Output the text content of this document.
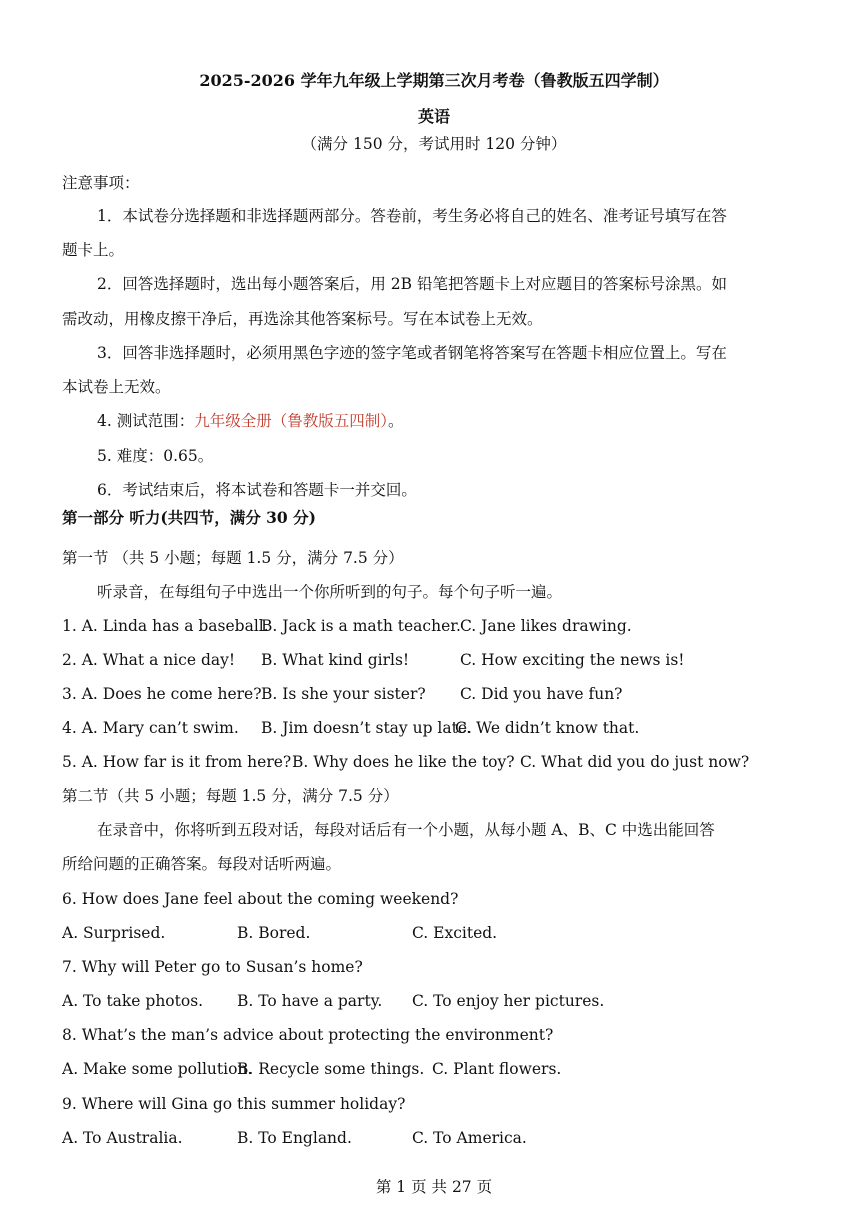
2025-2026 学年九年级上学期第三次月考卷（鲁教版五四学制）
英语
（满分 150 分，考试用时 120 分钟）
注意事项：
1．本试卷分选择题和非选择题两部分。答卷前，考生务必将自己的姓名、准考证号填写在答
题卡上。
2．回答选择题时，选出每小题答案后，用 2B 铅笔把答题卡上对应题目的答案标号涂黑。如
需改动，用橡皮擦干净后，再选涂其他答案标号。写在本试卷上无效。
3．回答非选择题时，必须用黑色字迹的签字笔或者钢笔将答案写在答题卡相应位置上。写在
本试卷上无效。
4. 测试范围：九年级全册（鲁教版五四制）。
5. 难度：0.65。
6．考试结束后，将本试卷和答题卡一并交回。
第一部分 听力(共四节，满分 30 分)
第一节 （共 5 小题；每题 1.5 分，满分 7.5 分）
听录音，在每组句子中选出一个你所听到的句子。每个句子听一遍。
1. A. Linda has a baseball.
B. Jack is a math teacher. C. Jane likes drawing.
2. A. What a nice day! B. What kind girls!	C. How exciting the news is!
3. A. Does he come here? B. Is she your sister? C. Did you have fun?
4. A. Mary can’t swim. B. Jim doesn’t stay up late.
C. We didn’t know that.
5. A. How far is it from here? B. Why does he like the toy? C. What did you do just now?
第二节（共 5 小题；每题 1.5 分，满分 7.5 分）
在录音中，你将听到五段对话，每段对话后有一个小题，从每小题 A、B、C 中选出能回答
所给问题的正确答案。每段对话听两遍。
6. How does Jane feel about the coming weekend?
A. Surprised.	B. Bored.	C. Excited.
7. Why will Peter go to Susan’s home?
A. To take photos. B. To have a party. C. To enjoy her pictures.
8. What’s the man’s advice about protecting the environment?
A. Make some pollution.
B. Recycle some things. C. Plant flowers.
9. Where will Gina go this summer holiday?
A. To Australia.	B. To England.	C. To America.
第 1 页 共 27 页
